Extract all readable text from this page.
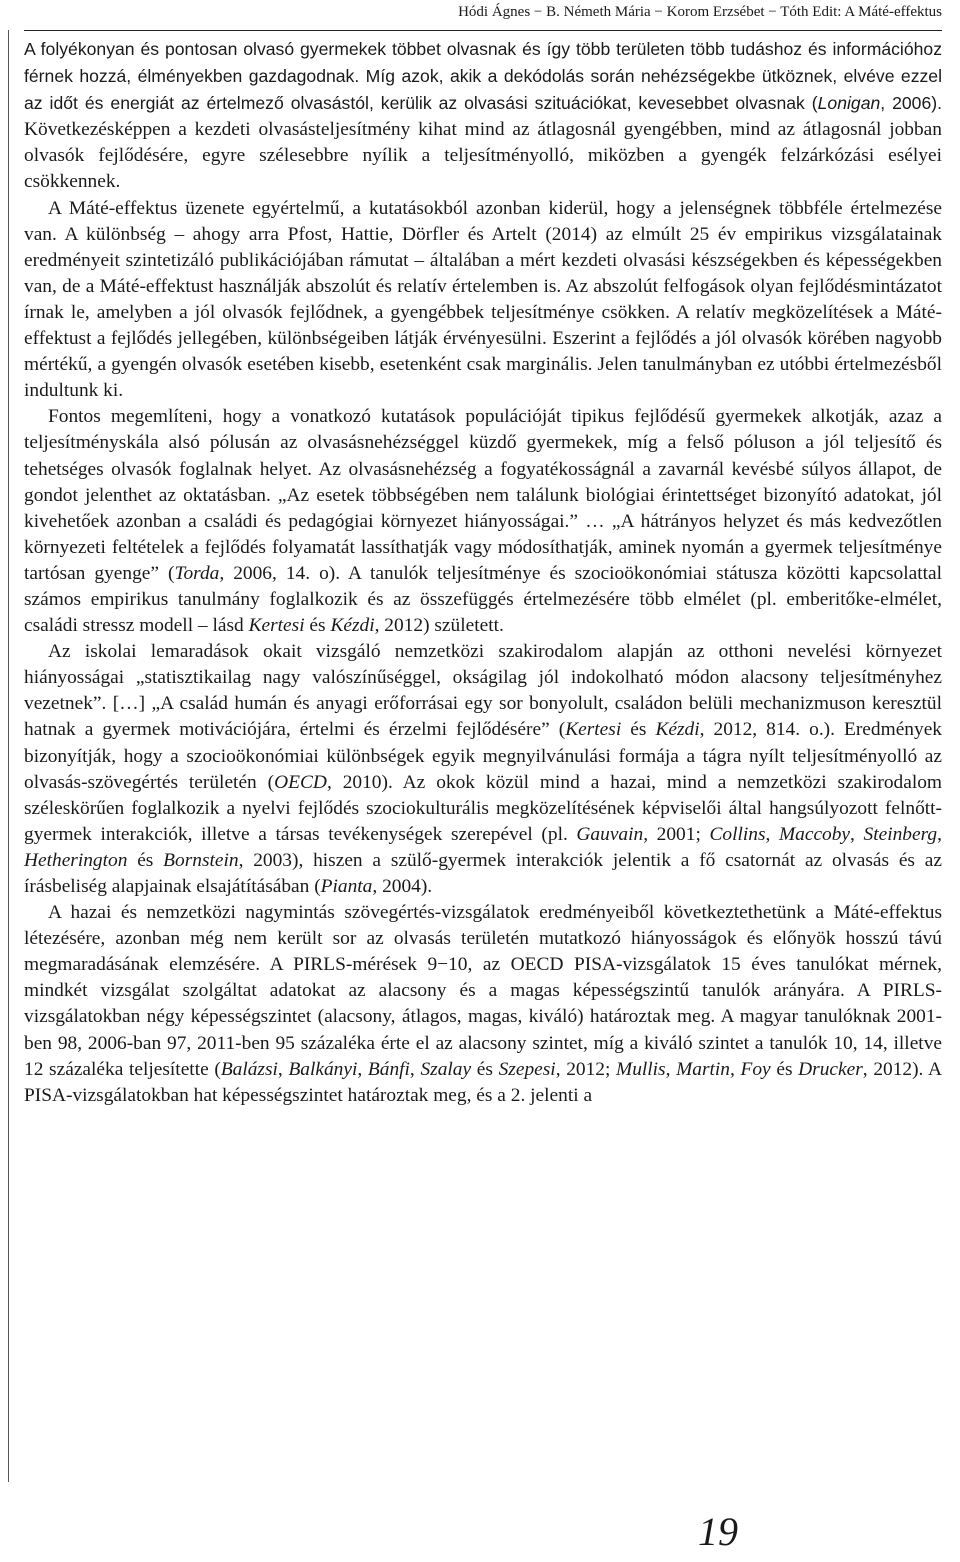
Hódi Ágnes − B. Németh Mária − Korom Erzsébet − Tóth Edit: A Máté-effektus

A folyékonyan és pontosan olvasó gyermekek többet olvasnak és így több területen több tudáshoz és információhoz férnek hozzá, élményekben gazdagodnak. Míg azok, akik a dekódolás során nehézségekbe ütköznek, elvéve ezzel az időt és energiát az értelmező olvasástól, kerülik az olvasási szituációkat, kevesebbet olvasnak (Lonigan, 2006). Következésképpen a kezdeti olvasásteljesítmény kihat mind az átlagosnál gyengébben, mind az átlagosnál jobban olvasók fejlődésére, egyre szélesebbre nyílik a teljesítményolló, miközben a gyengék felzárkózási esélyei csökkennek.

A Máté-effektus üzenete egyértelmű, a kutatásokból azonban kiderül, hogy a jelenségnek többféle értelmezése van. A különbség – ahogy arra Pfost, Hattie, Dörfler és Artelt (2014) az elmúlt 25 év empirikus vizsgálatainak eredményeit szintetizáló publikációjában rámutat – általában a mért kezdeti olvasási készségekben és képességekben van, de a Máté-effektust használják abszolút és relatív értelemben is. Az abszolút felfogások olyan fejlődésmintázatot írnak le, amelyben a jól olvasók fejlődnek, a gyengébbek teljesítménye csökken. A relatív megközelítések a Máté-effektust a fejlődés jellegében, különbségeiben látják érvényesülni. Eszerint a fejlődés a jól olvasók körében nagyobb mértékű, a gyengén olvasók esetében kisebb, esetenként csak marginális. Jelen tanulmányban ez utóbbi értelmezésből indultunk ki.

Fontos megemlíteni, hogy a vonatkozó kutatások populációját tipikus fejlődésű gyermekek alkotják, azaz a teljesítményskála alsó pólusán az olvasásnehézséggel küzdő gyermekek, míg a felső póluson a jól teljesítő és tehetséges olvasók foglalnak helyet. Az olvasásnehézség a fogyatékosságnál a zavarnál kevésbé súlyos állapot, de gondot jelenthet az oktatásban. „Az esetek többségében nem találunk biológiai érintettséget bizonyító adatokat, jól kivehetőek azonban a családi és pedagógiai környezet hiányosságai.” … „A hátrányos helyzet és más kedvezőtlen környezeti feltételek a fejlődés folyamatát lassíthatják vagy módosíthatják, aminek nyomán a gyermek teljesítménye tartósan gyenge” (Torda, 2006, 14. o). A tanulók teljesítménye és szocioökonómiai státusza közötti kapcsolattal számos empirikus tanulmány foglalkozik és az összefüggés értelmezésére több elmélet (pl. emberitőke-elmélet, családi stressz modell – lásd Kertesi és Kézdi, 2012) született.

Az iskolai lemaradások okait vizsgáló nemzetközi szakirodalom alapján az otthoni nevelési környezet hiányosságai „statisztikailag nagy valószínűséggel, okságilag jól indokolható módon alacsony teljesítményhez vezetnek”. […] „A család humán és anyagi erőforrásai egy sor bonyolult, családon belüli mechanizmuson keresztül hatnak a gyermek motivációjára, értelmi és érzelmi fejlődésére” (Kertesi és Kézdi, 2012, 814. o.). Eredmények bizonyítják, hogy a szocioökonómiai különbségek egyik megnyilvánulási formája a tágra nyílt teljesítményolló az olvasás-szövegértés területén (OECD, 2010). Az okok közül mind a hazai, mind a nemzetközi szakirodalom széleskörűen foglalkozik a nyelvi fejlődés szociokulturális megközelítésének képviselői által hangsúlyozott felnőtt-gyermek interakciók, illetve a társas tevékenységek szerepével (pl. Gauvain, 2001; Collins, Maccoby, Steinberg, Hetherington és Bornstein, 2003), hiszen a szülő-gyermek interakciók jelentik a fő csatornát az olvasás és az írásbeliség alapjainak elsajátításában (Pianta, 2004).

A hazai és nemzetközi nagymintás szövegértés-vizsgálatok eredményeiből következtethetünk a Máté-effektus létezésére, azonban még nem került sor az olvasás területén mutatkozó hiányosságok és előnyök hosszú távú megmaradásának elemzésére. A PIRLS-mérések 9−10, az OECD PISA-vizsgálatok 15 éves tanulókat mérnek, mindkét vizsgálat szolgáltat adatokat az alacsony és a magas képességszintű tanulók arányára. A PIRLS-vizsgálatokban négy képességszintet (alacsony, átlagos, magas, kiváló) határoztak meg. A magyar tanulóknak 2001-ben 98, 2006-ban 97, 2011-ben 95 százaléka érte el az alacsony szintet, míg a kiváló szintet a tanulók 10, 14, illetve 12 százaléka teljesítette (Balázsi, Balkányi, Bánfi, Szalay és Szepesi, 2012; Mullis, Martin, Foy és Drucker, 2012). A PISA-vizsgálatokban hat képességszintet határoztak meg, és a 2. jelenti a

19
